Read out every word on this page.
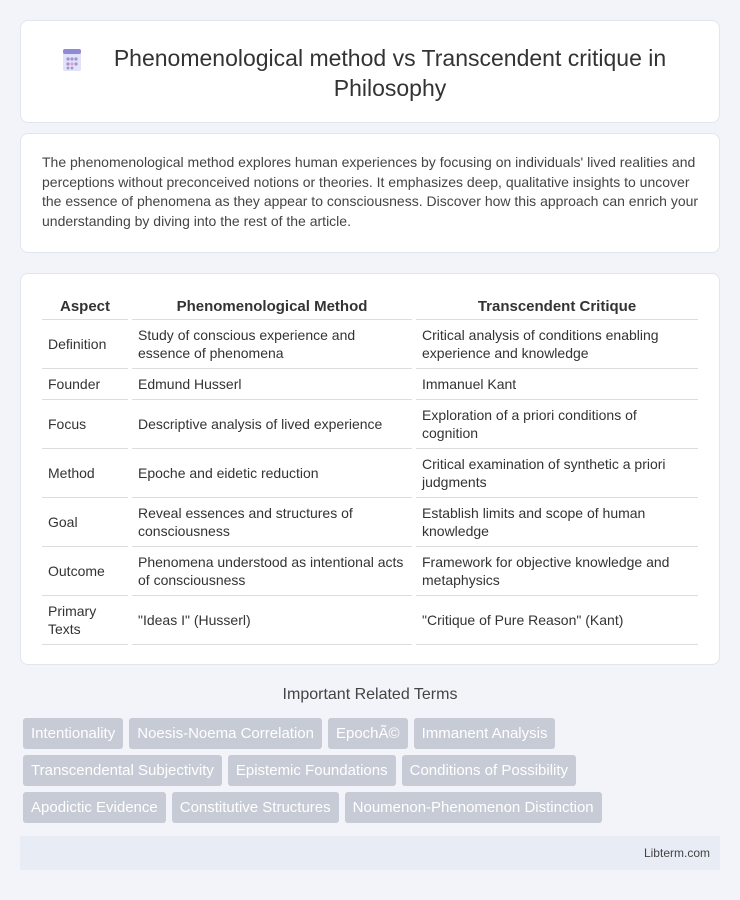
Phenomenological method vs Transcendent critique in Philosophy

The phenomenological method explores human experiences by focusing on individuals' lived realities and perceptions without preconceived notions or theories. It emphasizes deep, qualitative insights to uncover the essence of phenomena as they appear to consciousness. Discover how this approach can enrich your understanding by diving into the rest of the article.

Aspect	Phenomenological Method	Transcendent Critique
Definition	Study of conscious experience and essence of phenomena	Critical analysis of conditions enabling experience and knowledge
Founder	Edmund Husserl	Immanuel Kant
Focus	Descriptive analysis of lived experience	Exploration of a priori conditions of cognition
Method	Epoche and eidetic reduction	Critical examination of synthetic a priori judgments
Goal	Reveal essences and structures of consciousness	Establish limits and scope of human knowledge
Outcome	Phenomena understood as intentional acts of consciousness	Framework for objective knowledge and metaphysics
Primary Texts	"Ideas I" (Husserl)	"Critique of Pure Reason" (Kant)
Important Related Terms
Intentionality	Noesis-Noema Correlation	EpochÃ©	Immanent Analysis
Transcendental Subjectivity	Epistemic Foundations	Conditions of Possibility
Apodictic Evidence	Constitutive Structures	Noumenon-Phenomenon Distinction
Libterm.com
